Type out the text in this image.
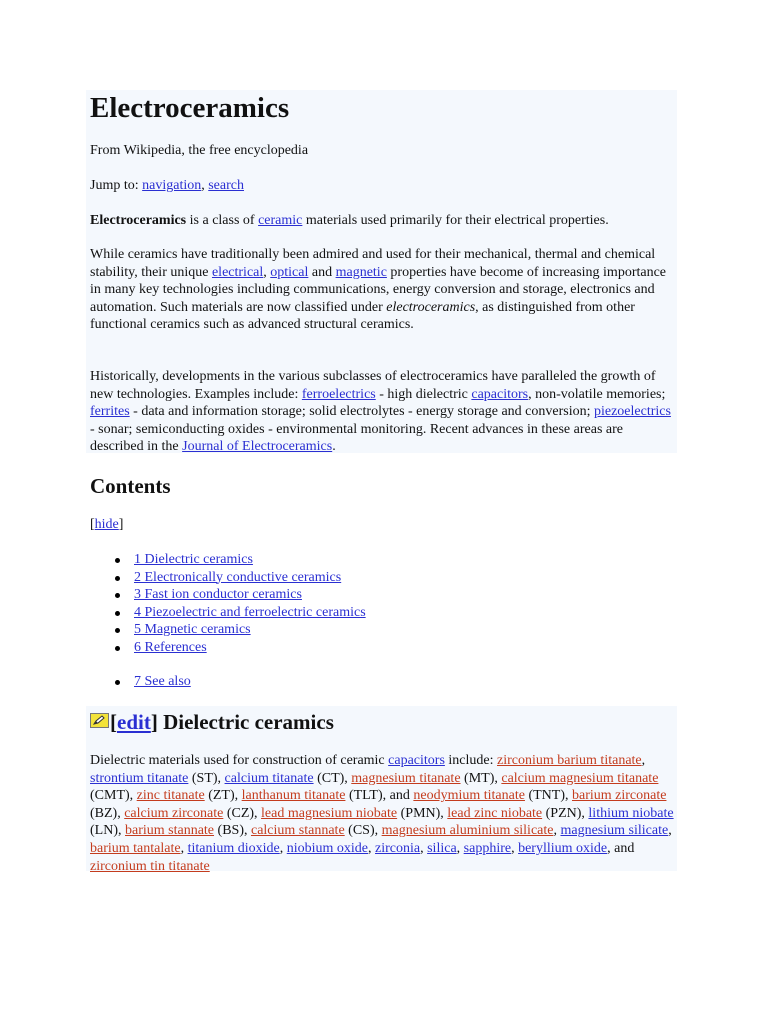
Electroceramics

From Wikipedia, the free encyclopedia

Jump to: navigation, search

Electroceramics is a class of ceramic materials used primarily for their electrical properties.

While ceramics have traditionally been admired and used for their mechanical, thermal and chemical stability, their unique electrical, optical and magnetic properties have become of increasing importance in many key technologies including communications, energy conversion and storage, electronics and automation. Such materials are now classified under electroceramics, as distinguished from other functional ceramics such as advanced structural ceramics.

Historically, developments in the various subclasses of electroceramics have paralleled the growth of new technologies. Examples include: ferroelectrics - high dielectric capacitors, non-volatile memories; ferrites - data and information storage; solid electrolytes - energy storage and conversion; piezoelectrics - sonar; semiconducting oxides - environmental monitoring. Recent advances in these areas are described in the Journal of Electroceramics.

Contents

[hide]

1 Dielectric ceramics
2 Electronically conductive ceramics
3 Fast ion conductor ceramics
4 Piezoelectric and ferroelectric ceramics
5 Magnetic ceramics
6 References
7 See also
[edit] Dielectric ceramics

Dielectric materials used for construction of ceramic capacitors include: zirconium barium titanate, strontium titanate (ST), calcium titanate (CT), magnesium titanate (MT), calcium magnesium titanate (CMT), zinc titanate (ZT), lanthanum titanate (TLT), and neodymium titanate (TNT), barium zirconate (BZ), calcium zirconate (CZ), lead magnesium niobate (PMN), lead zinc niobate (PZN), lithium niobate (LN), barium stannate (BS), calcium stannate (CS), magnesium aluminium silicate, magnesium silicate, barium tantalate, titanium dioxide, niobium oxide, zirconia, silica, sapphire, beryllium oxide, and zirconium tin titanate
